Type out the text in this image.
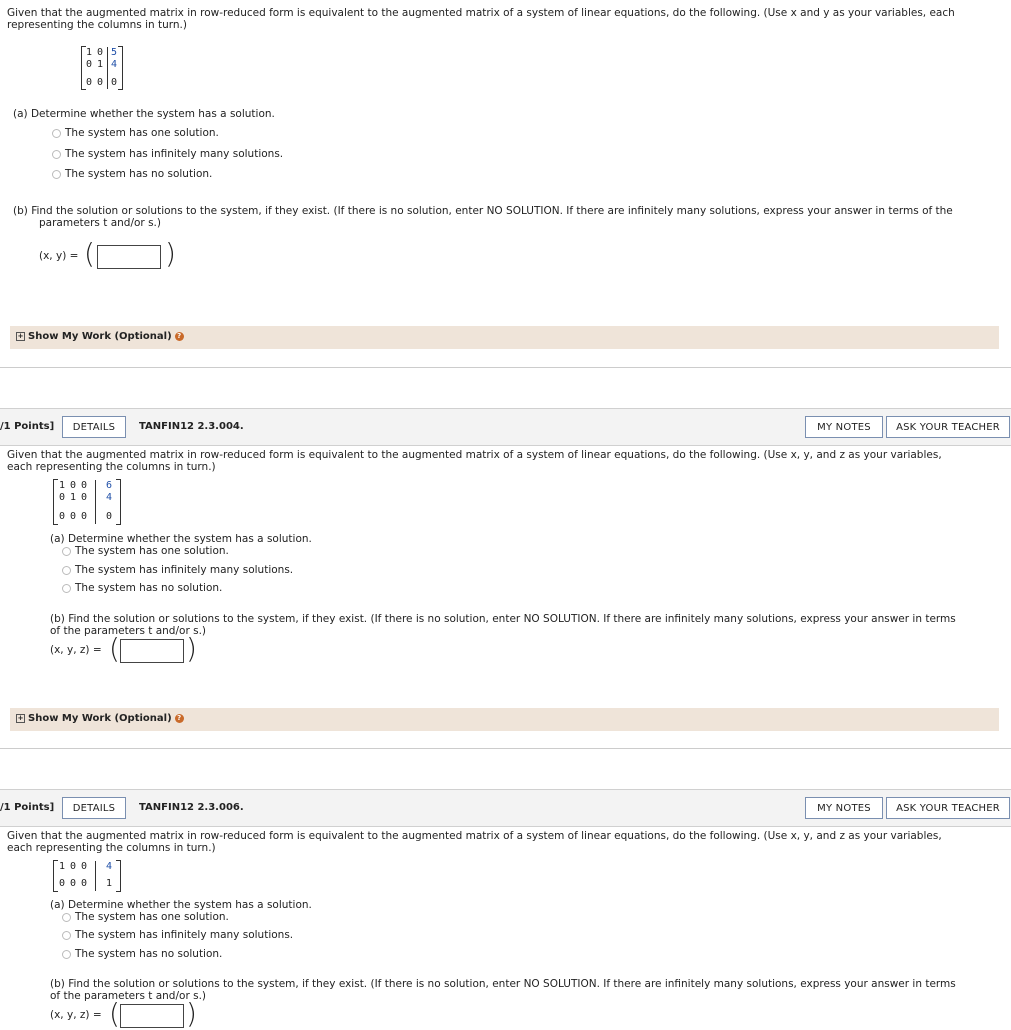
Given that the augmented matrix in row-reduced form is equivalent to the augmented matrix of a system of linear equations, do the following. (Use x and y as your variables, each
representing the columns in turn.)
1 0 5
0 1 4
0 0 0
(a) Determine whether the system has a solution.
The system has one solution.
The system has infinitely many solutions.
The system has no solution.
(b) Find the solution or solutions to the system, if they exist. (If there is no solution, enter NO SOLUTION. If there are infinitely many solutions, express your answer in terms of the
parameters t and/or s.)
(x, y) = (	)
+ Show My Work (Optional) ?
/1 Points]	DETAILS	TANFIN12 2.3.004.	MY NOTES	ASK YOUR TEACHER
Given that the augmented matrix in row-reduced form is equivalent to the augmented matrix of a system of linear equations, do the following. (Use x, y, and z as your variables,
each representing the columns in turn.)
1 0 0 6
0 1 0 4
0 0 0 0
(a) Determine whether the system has a solution.
The system has one solution.
The system has infinitely many solutions.
The system has no solution.
(b) Find the solution or solutions to the system, if they exist. (If there is no solution, enter NO SOLUTION. If there are infinitely many solutions, express your answer in terms
of the parameters t and/or s.)
(x, y, z) = ( )
+ Show My Work (Optional) ?
/1 Points]	DETAILS	TANFIN12 2.3.006.	MY NOTES	ASK YOUR TEACHER
Given that the augmented matrix in row-reduced form is equivalent to the augmented matrix of a system of linear equations, do the following. (Use x, y, and z as your variables,
each representing the columns in turn.)
1 0 0 4
0 0 0 1
(a) Determine whether the system has a solution.
The system has one solution.
The system has infinitely many solutions.
The system has no solution.
(b) Find the solution or solutions to the system, if they exist. (If there is no solution, enter NO SOLUTION. If there are infinitely many solutions, express your answer in terms
of the parameters t and/or s.)
(x, y, z) = ( )
